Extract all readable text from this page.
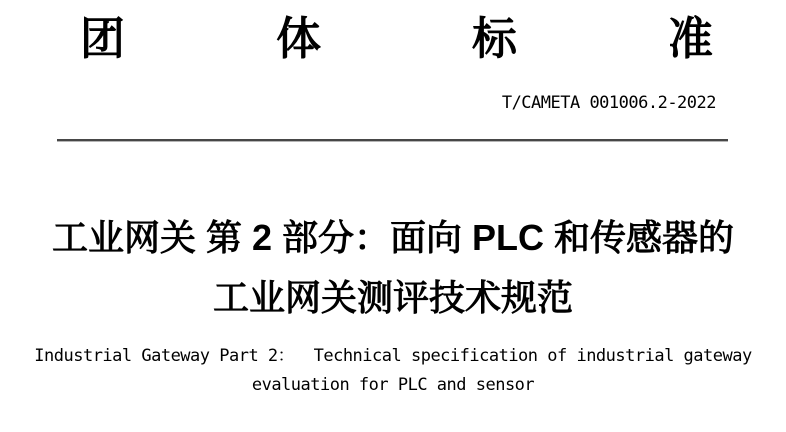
团	体	标	准
T/CAMETA 001006.2-2022
工业网关 第 2 部分：面向 PLC 和传感器的
工业网关测评技术规范
Industrial Gateway Part 2：  Technical specification of industrial gateway
evaluation for PLC and sensor
